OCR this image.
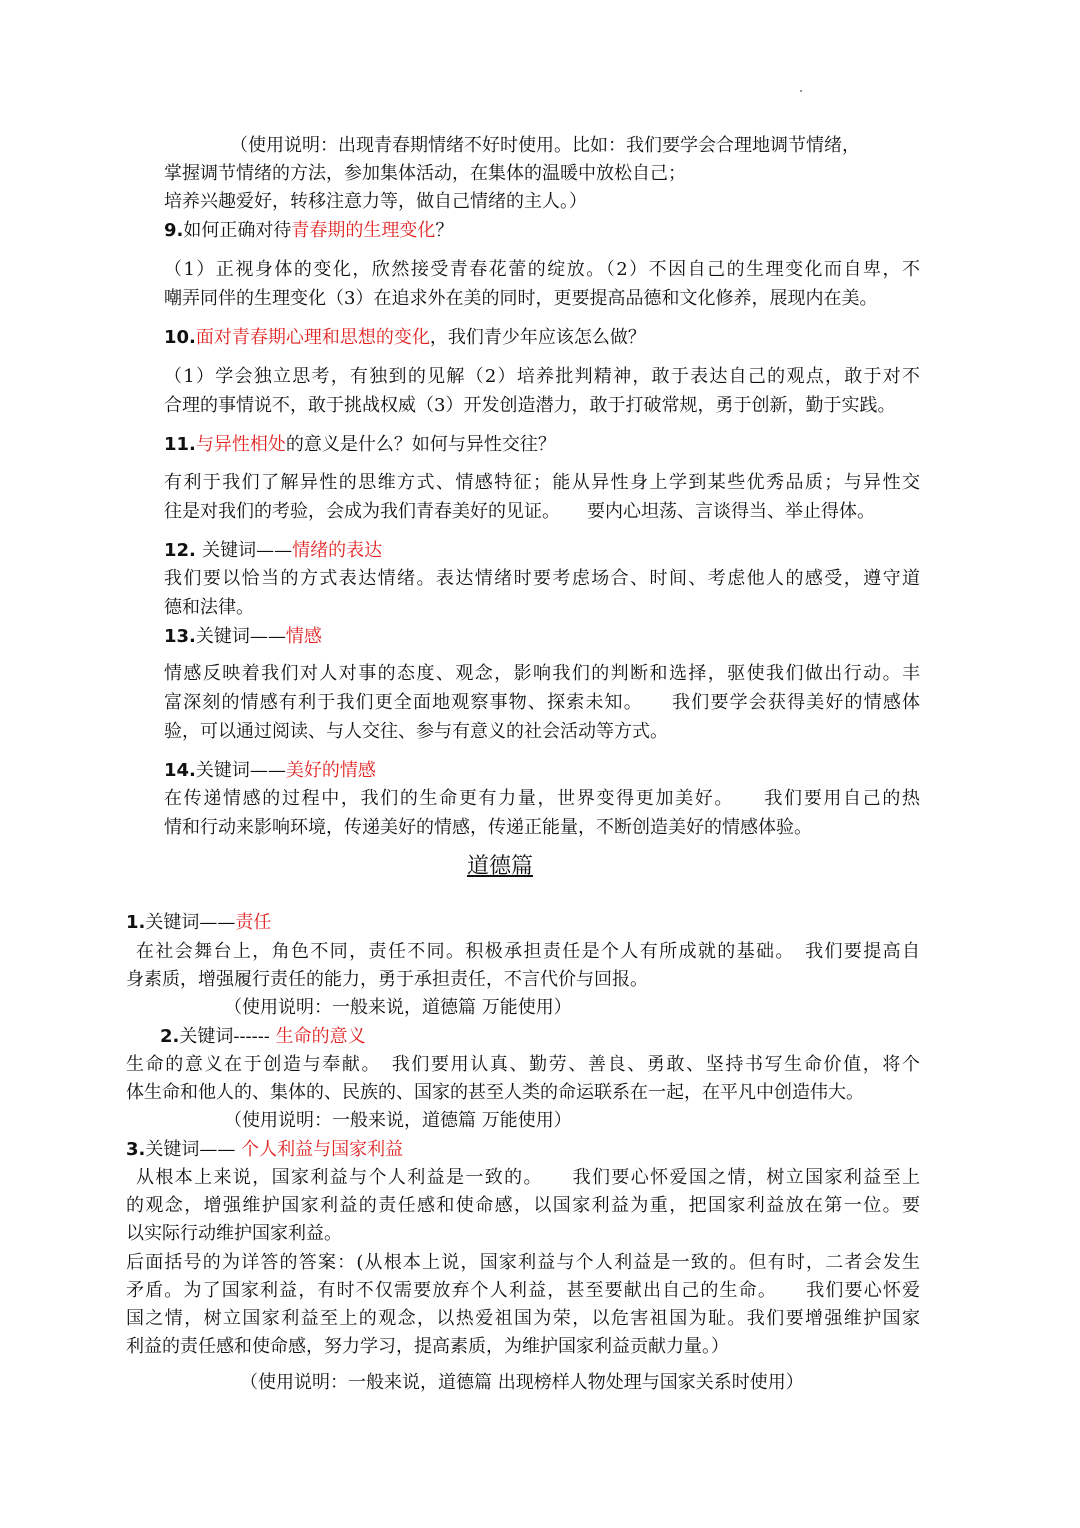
（使用说明：出现青春期情绪不好时使用。比如：我们要学会合理地调节情绪，
掌握调节情绪的方法，参加集体活动，在集体的温暖中放松自己；
培养兴趣爱好，转移注意力等，做自己情绪的主人。）
9.如何正确对待青春期的生理变化？
（1）正视身体的变化，欣然接受青春花蕾的绽放。（2）不因自己的生理变化而自卑，不
嘲弄同伴的生理变化（3）在追求外在美的同时，更要提高品德和文化修养，展现内在美。
10.面对青春期心理和思想的变化，我们青少年应该怎么做？
（1）学会独立思考，有独到的见解（2）培养批判精神，敢于表达自己的观点，敢于对不
合理的事情说不，敢于挑战权威（3）开发创造潜力，敢于打破常规，勇于创新，勤于实践。
11.与异性相处的意义是什么？如何与异性交往？
有利于我们了解异性的思维方式、情感特征；能从异性身上学到某些优秀品质；与异性交
往是对我们的考验，会成为我们青春美好的见证。　　要内心坦荡、言谈得当、举止得体。
12. 关键词——情绪的表达
我们要以恰当的方式表达情绪。表达情绪时要考虑场合、时间、考虑他人的感受，遵守道
德和法律。
13.关键词——情感
情感反映着我们对人对事的态度、观念，影响我们的判断和选择，驱使我们做出行动。丰
富深刻的情感有利于我们更全面地观察事物、探索未知。　　我们要学会获得美好的情感体
验，可以通过阅读、与人交往、参与有意义的社会活动等方式。
14.关键词——美好的情感
在传递情感的过程中，我们的生命更有力量，世界变得更加美好。　　我们要用自己的热
情和行动来影响环境，传递美好的情感，传递正能量，不断创造美好的情感体验。
道德篇
1.关键词——责任
在社会舞台上，角色不同，责任不同。积极承担责任是个人有所成就的基础。　我们要提高自
身素质，增强履行责任的能力，勇于承担责任，不言代价与回报。
（使用说明：一般来说，道德篇 万能使用）
2.关键词------ 生命的意义
生命的意义在于创造与奉献。　我们要用认真、勤劳、善良、勇敢、坚持书写生命价值，将个
体生命和他人的、集体的、民族的、国家的甚至人类的命运联系在一起，在平凡中创造伟大。
（使用说明：一般来说，道德篇 万能使用）
3.关键词—— 个人利益与国家利益
从根本上来说，国家利益与个人利益是一致的。　　我们要心怀爱国之情，树立国家利益至上
的观念，增强维护国家利益的责任感和使命感，以国家利益为重，把国家利益放在第一位。要
以实际行动维护国家利益。
后面括号的为详答的答案：(从根本上说，国家利益与个人利益是一致的。但有时，二者会发生
矛盾。为了国家利益，有时不仅需要放弃个人利益，甚至要献出自己的生命。　　我们要心怀爱
国之情，树立国家利益至上的观念，以热爱祖国为荣，以危害祖国为耻。我们要增强维护国家
利益的责任感和使命感，努力学习，提高素质，为维护国家利益贡献力量。）
（使用说明：一般来说，道德篇 出现榜样人物处理与国家关系时使用）
